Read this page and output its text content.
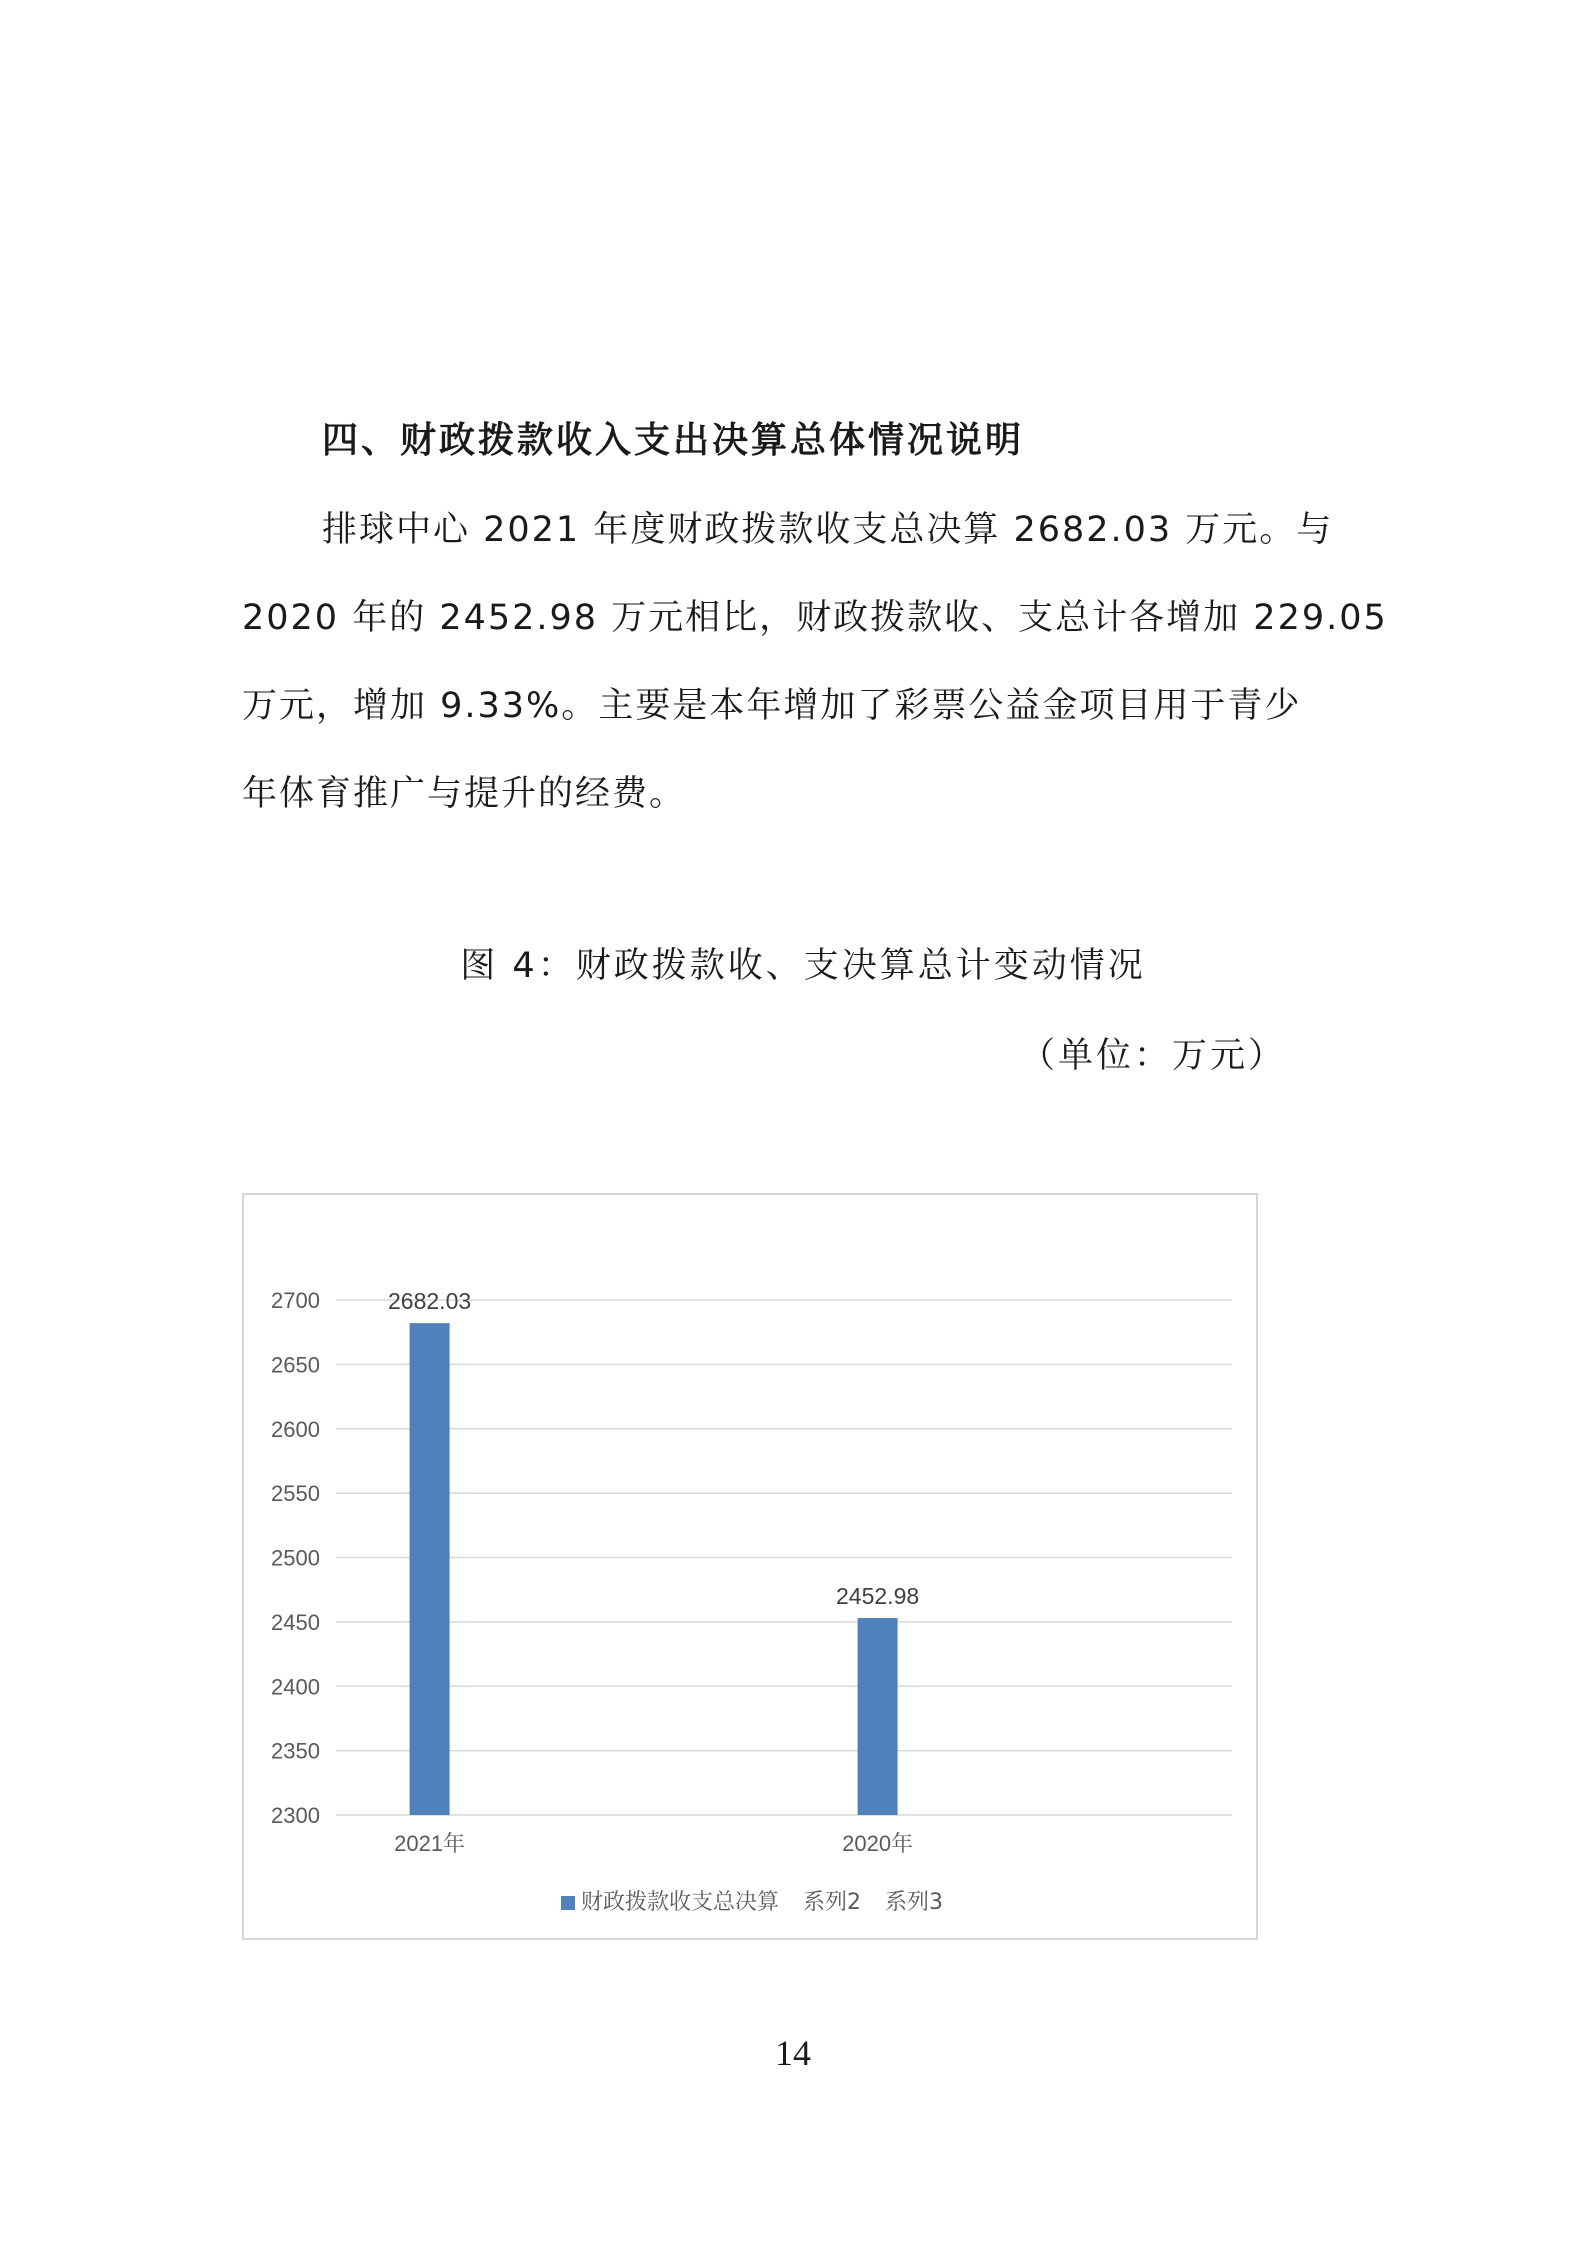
四、财政拨款收入支出决算总体情况说明

排球中心 2021 年度财政拨款收支总决算 2682.03 万元。与

2020 年的 2452.98 万元相比，财政拨款收、支总计各增加 229.05

万元，增加 9.33%。主要是本年增加了彩票公益金项目用于青少

年体育推广与提升的经费。

图 4：财政拨款收、支决算总计变动情况

（单位：万元）

2300
2350
2400
2450
2500
2550
2600
2650
2700	2682.03
2021年
2452.98
2020年
财政拨款收支总决算 系列2 系列3

14
